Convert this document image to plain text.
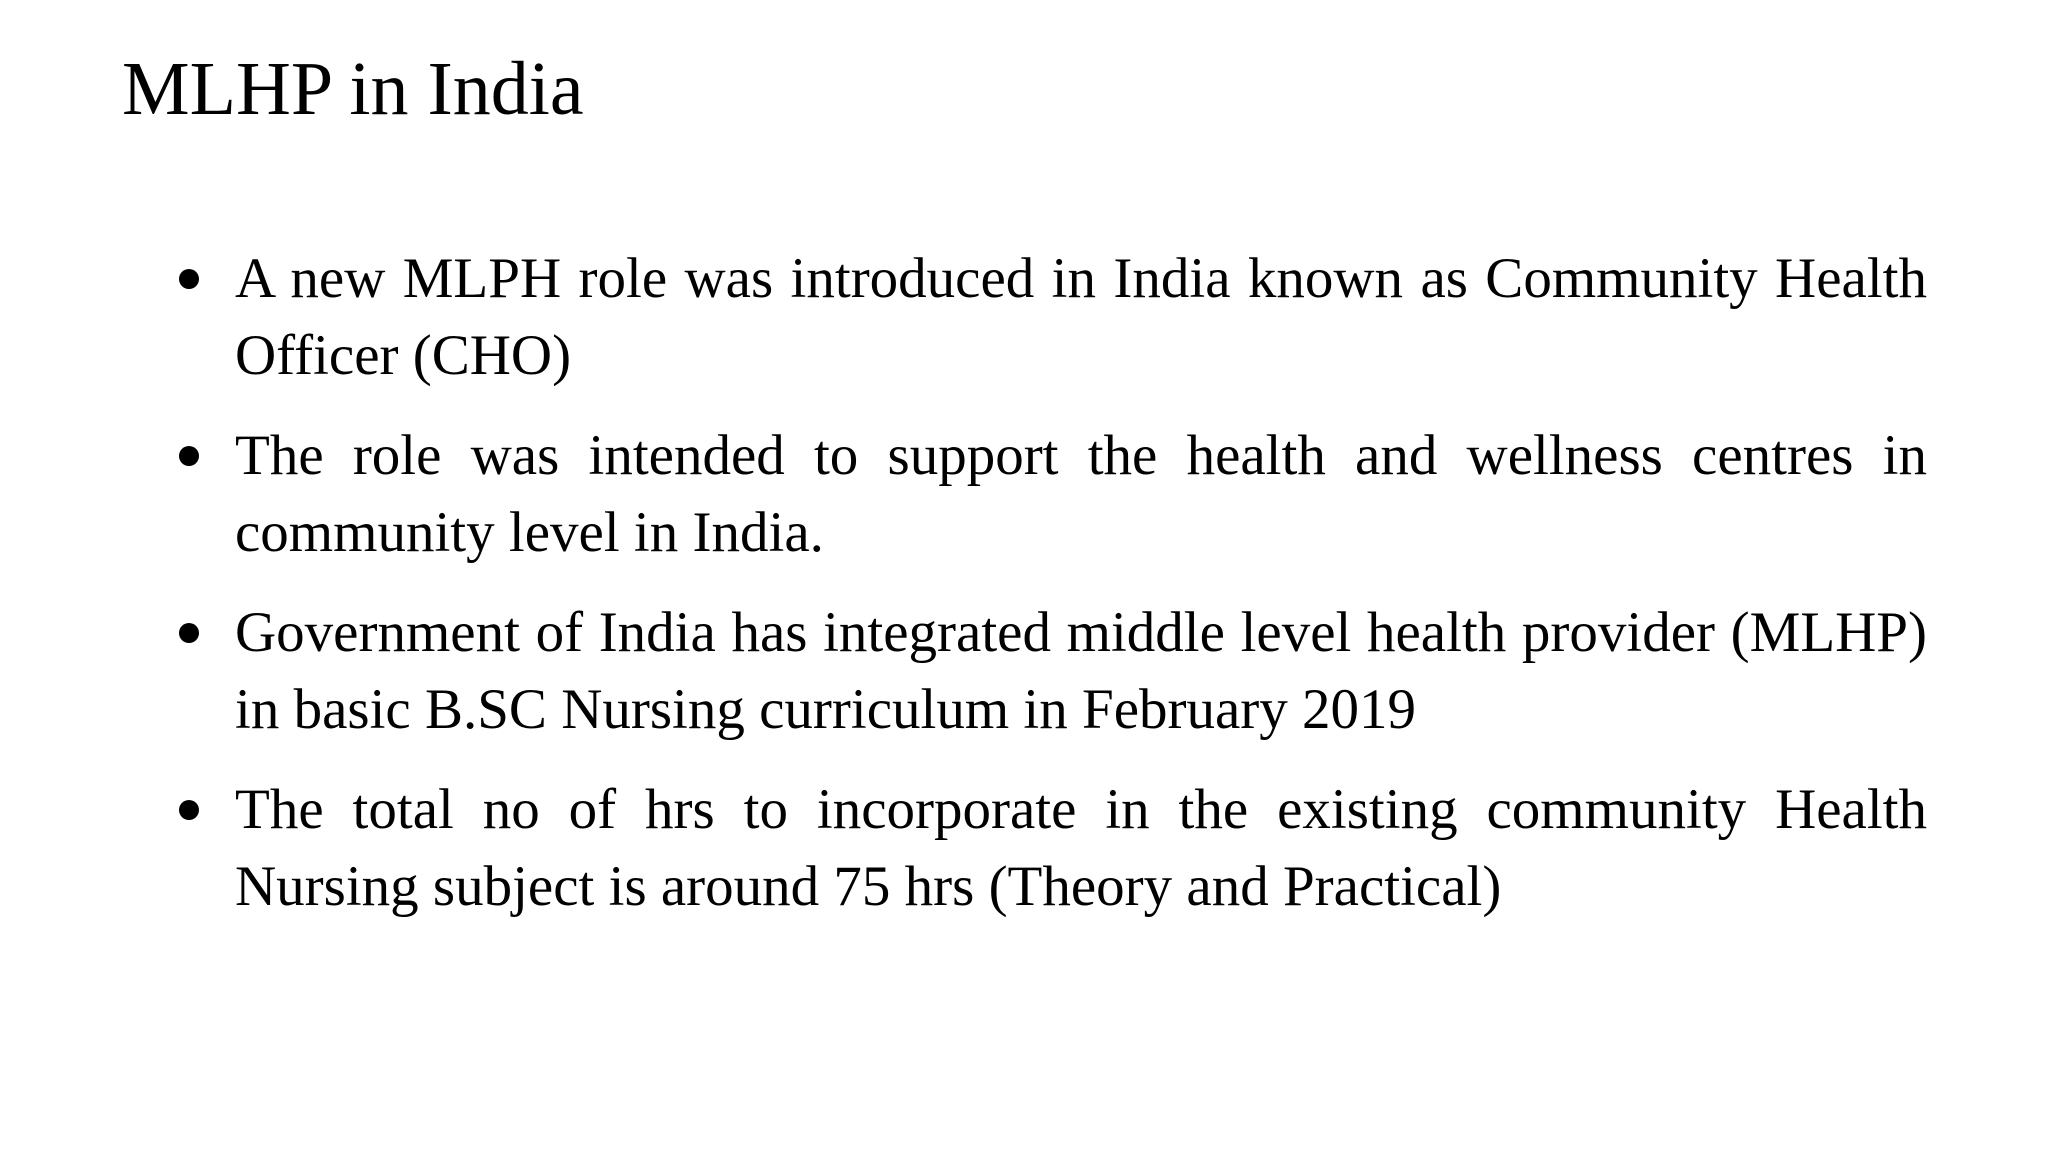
MLHP in India
A new MLPH role was introduced in India known as Community Health Officer (CHO)
The role was intended to support the health and wellness centres in community level in India.
Government of India has integrated middle level health provider (MLHP) in basic B.SC Nursing curriculum in February 2019
The total no of hrs to incorporate in the existing community Health Nursing subject is around 75 hrs (Theory and Practical)
